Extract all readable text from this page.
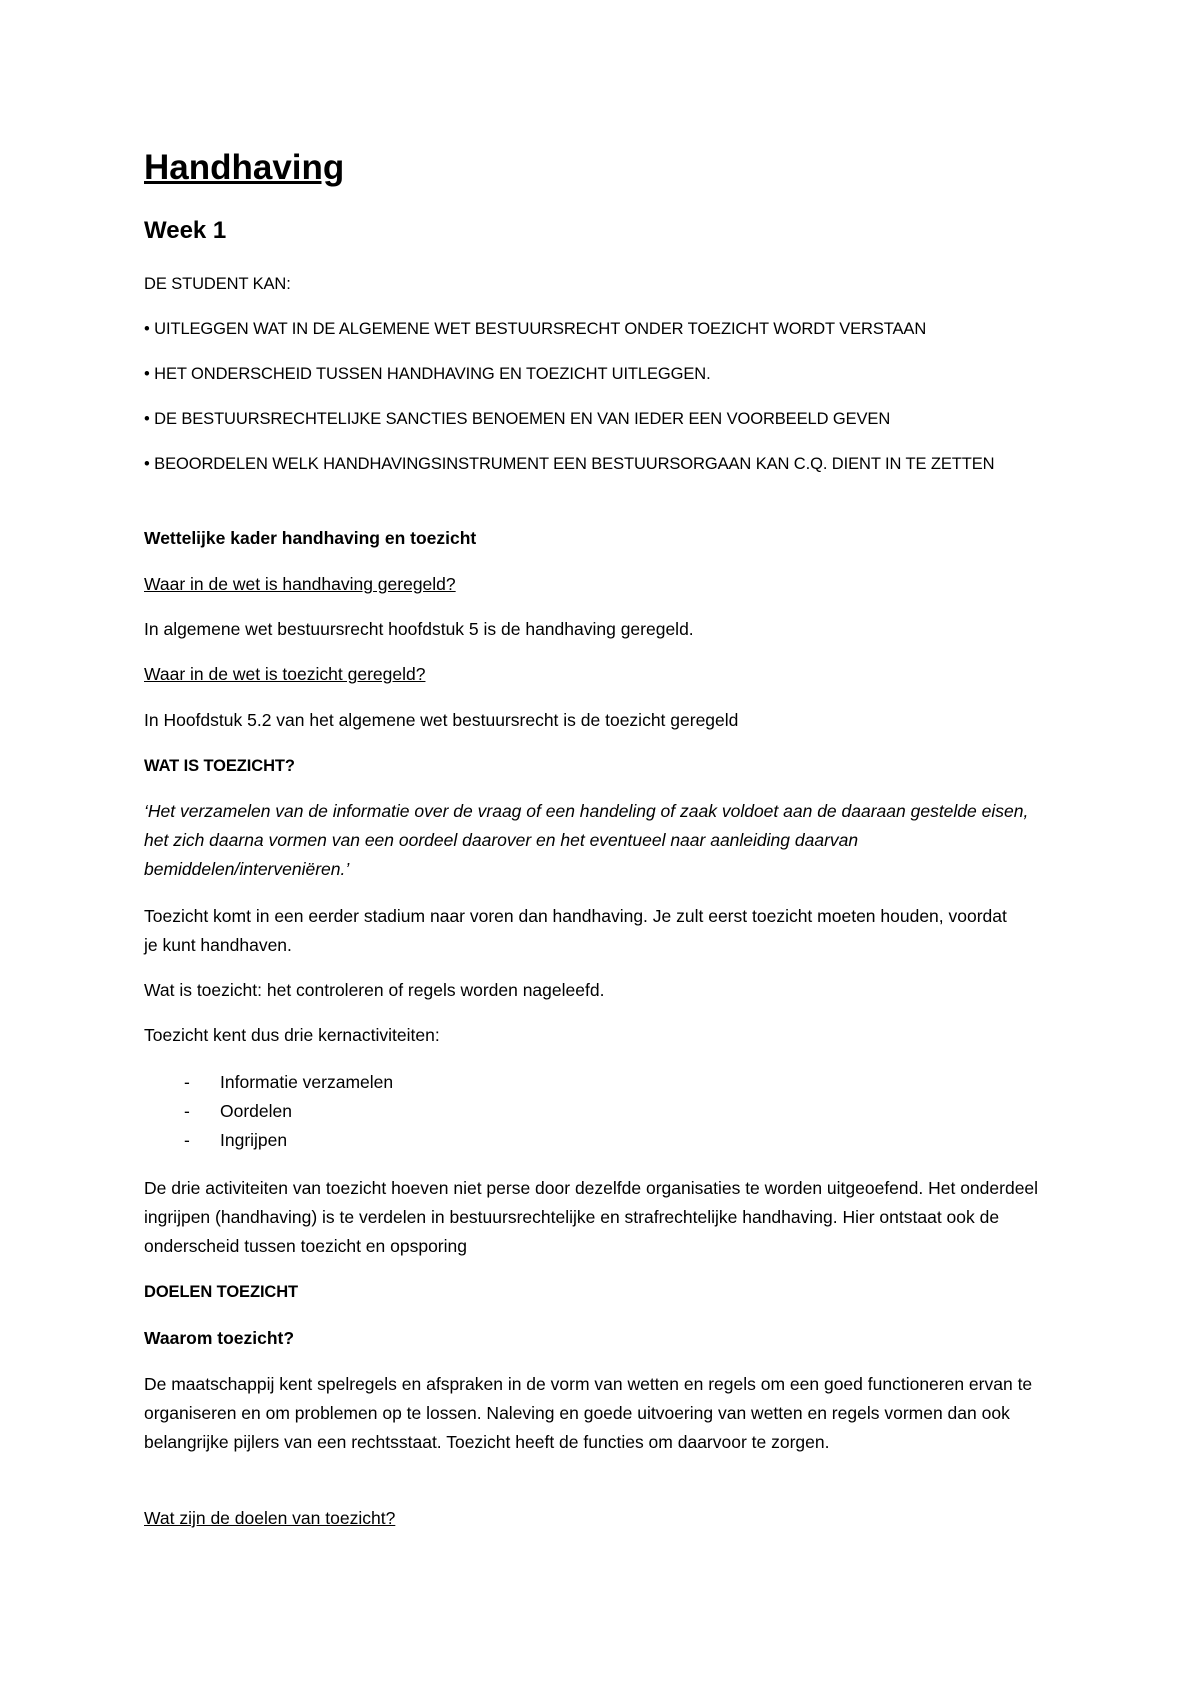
Handhaving
Week 1

DE STUDENT KAN:

• UITLEGGEN WAT IN DE ALGEMENE WET BESTUURSRECHT ONDER TOEZICHT WORDT VERSTAAN

• HET ONDERSCHEID TUSSEN HANDHAVING EN TOEZICHT UITLEGGEN.

• DE BESTUURSRECHTELIJKE SANCTIES BENOEMEN EN VAN IEDER EEN VOORBEELD GEVEN

• BEOORDELEN WELK HANDHAVINGSINSTRUMENT EEN BESTUURSORGAAN KAN C.Q. DIENT IN TE ZETTEN

Wettelijke kader handhaving en toezicht

Waar in de wet is handhaving geregeld?

In algemene wet bestuursrecht hoofdstuk 5 is de handhaving geregeld.

Waar in de wet is toezicht geregeld?

In Hoofdstuk 5.2 van het algemene wet bestuursrecht is de toezicht geregeld

WAT IS TOEZICHT?

‘Het verzamelen van de informatie over de vraag of een handeling of zaak voldoet aan de daaraan gestelde eisen, het zich daarna vormen van een oordeel daarover en het eventueel naar aanleiding daarvan bemiddelen/interveniëren.’

Toezicht komt in een eerder stadium naar voren dan handhaving. Je zult eerst toezicht moeten houden, voordat je kunt handhaven.

Wat is toezicht: het controleren of regels worden nageleefd.

Toezicht kent dus drie kernactiviteiten:

- Informatie verzamelen
- Oordelen
- Ingrijpen

De drie activiteiten van toezicht hoeven niet perse door dezelfde organisaties te worden uitgeoefend. Het onderdeel ingrijpen (handhaving) is te verdelen in bestuursrechtelijke en strafrechtelijke handhaving. Hier ontstaat ook de onderscheid tussen toezicht en opsporing

DOELEN TOEZICHT

Waarom toezicht?

De maatschappij kent spelregels en afspraken in de vorm van wetten en regels om een goed functioneren ervan te organiseren en om problemen op te lossen. Naleving en goede uitvoering van wetten en regels vormen dan ook belangrijke pijlers van een rechtsstaat. Toezicht heeft de functies om daarvoor te zorgen.

Wat zijn de doelen van toezicht?
